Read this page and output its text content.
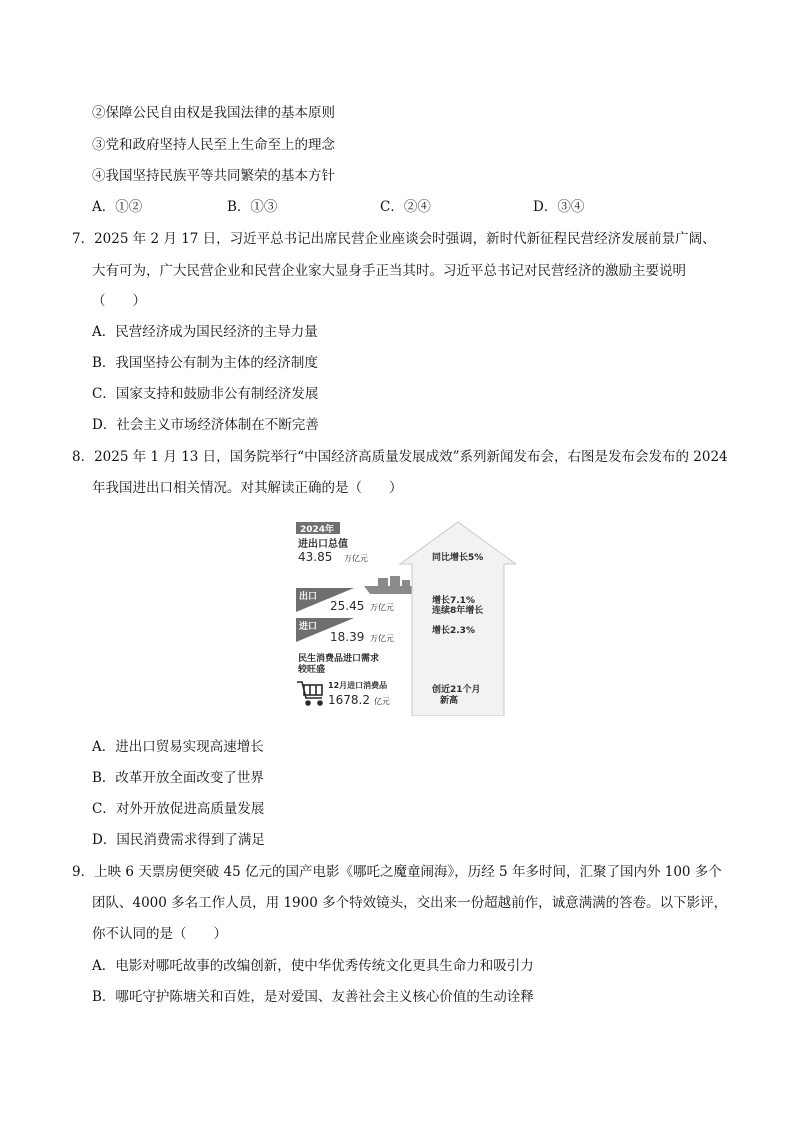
②保障公民自由权是我国法律的基本原则
③党和政府坚持人民至上生命至上的理念
④我国坚持民族平等共同繁荣的基本方针
A．①②	B．①③	C．②④	D．③④
7．2025 年 2 月 17 日，习近平总书记出席民营企业座谈会时强调，新时代新征程民营经济发展前景广阔、
大有可为，广大民营企业和民营企业家大显身手正当其时。习近平总书记对民营经济的激励主要说明
（　　）
A．民营经济成为国民经济的主导力量
B．我国坚持公有制为主体的经济制度
C．国家支持和鼓励非公有制经济发展
D．社会主义市场经济体制在不断完善
8．2025 年 1 月 13 日，国务院举行“中国经济高质量发展成效”系列新闻发布会，右图是发布会发布的 2024
年我国进出口相关情况。对其解读正确的是（　　）
2024年
进出口总值
43.85 万亿元	同比增长5%
出口
25.45 万亿元
增长7.1%
连续8年增长
进口
18.39 万亿元
增长2.3%
民生消费品进口需求
较旺盛
12月进口消费品
1678.2 亿元
创近21个月
新高
A．进出口贸易实现高速增长
B．改革开放全面改变了世界
C．对外开放促进高质量发展
D．国民消费需求得到了满足
9．上映 6 天票房便突破 45 亿元的国产电影《哪吒之魔童闹海》，历经 5 年多时间，汇聚了国内外 100 多个
团队、4000 多名工作人员，用 1900 多个特效镜头，交出来一份超越前作，诚意满满的答卷。以下影评，
你不认同的是（　　）
A．电影对哪吒故事的改编创新，使中华优秀传统文化更具生命力和吸引力
B．哪吒守护陈塘关和百姓，是对爱国、友善社会主义核心价值的生动诠释
